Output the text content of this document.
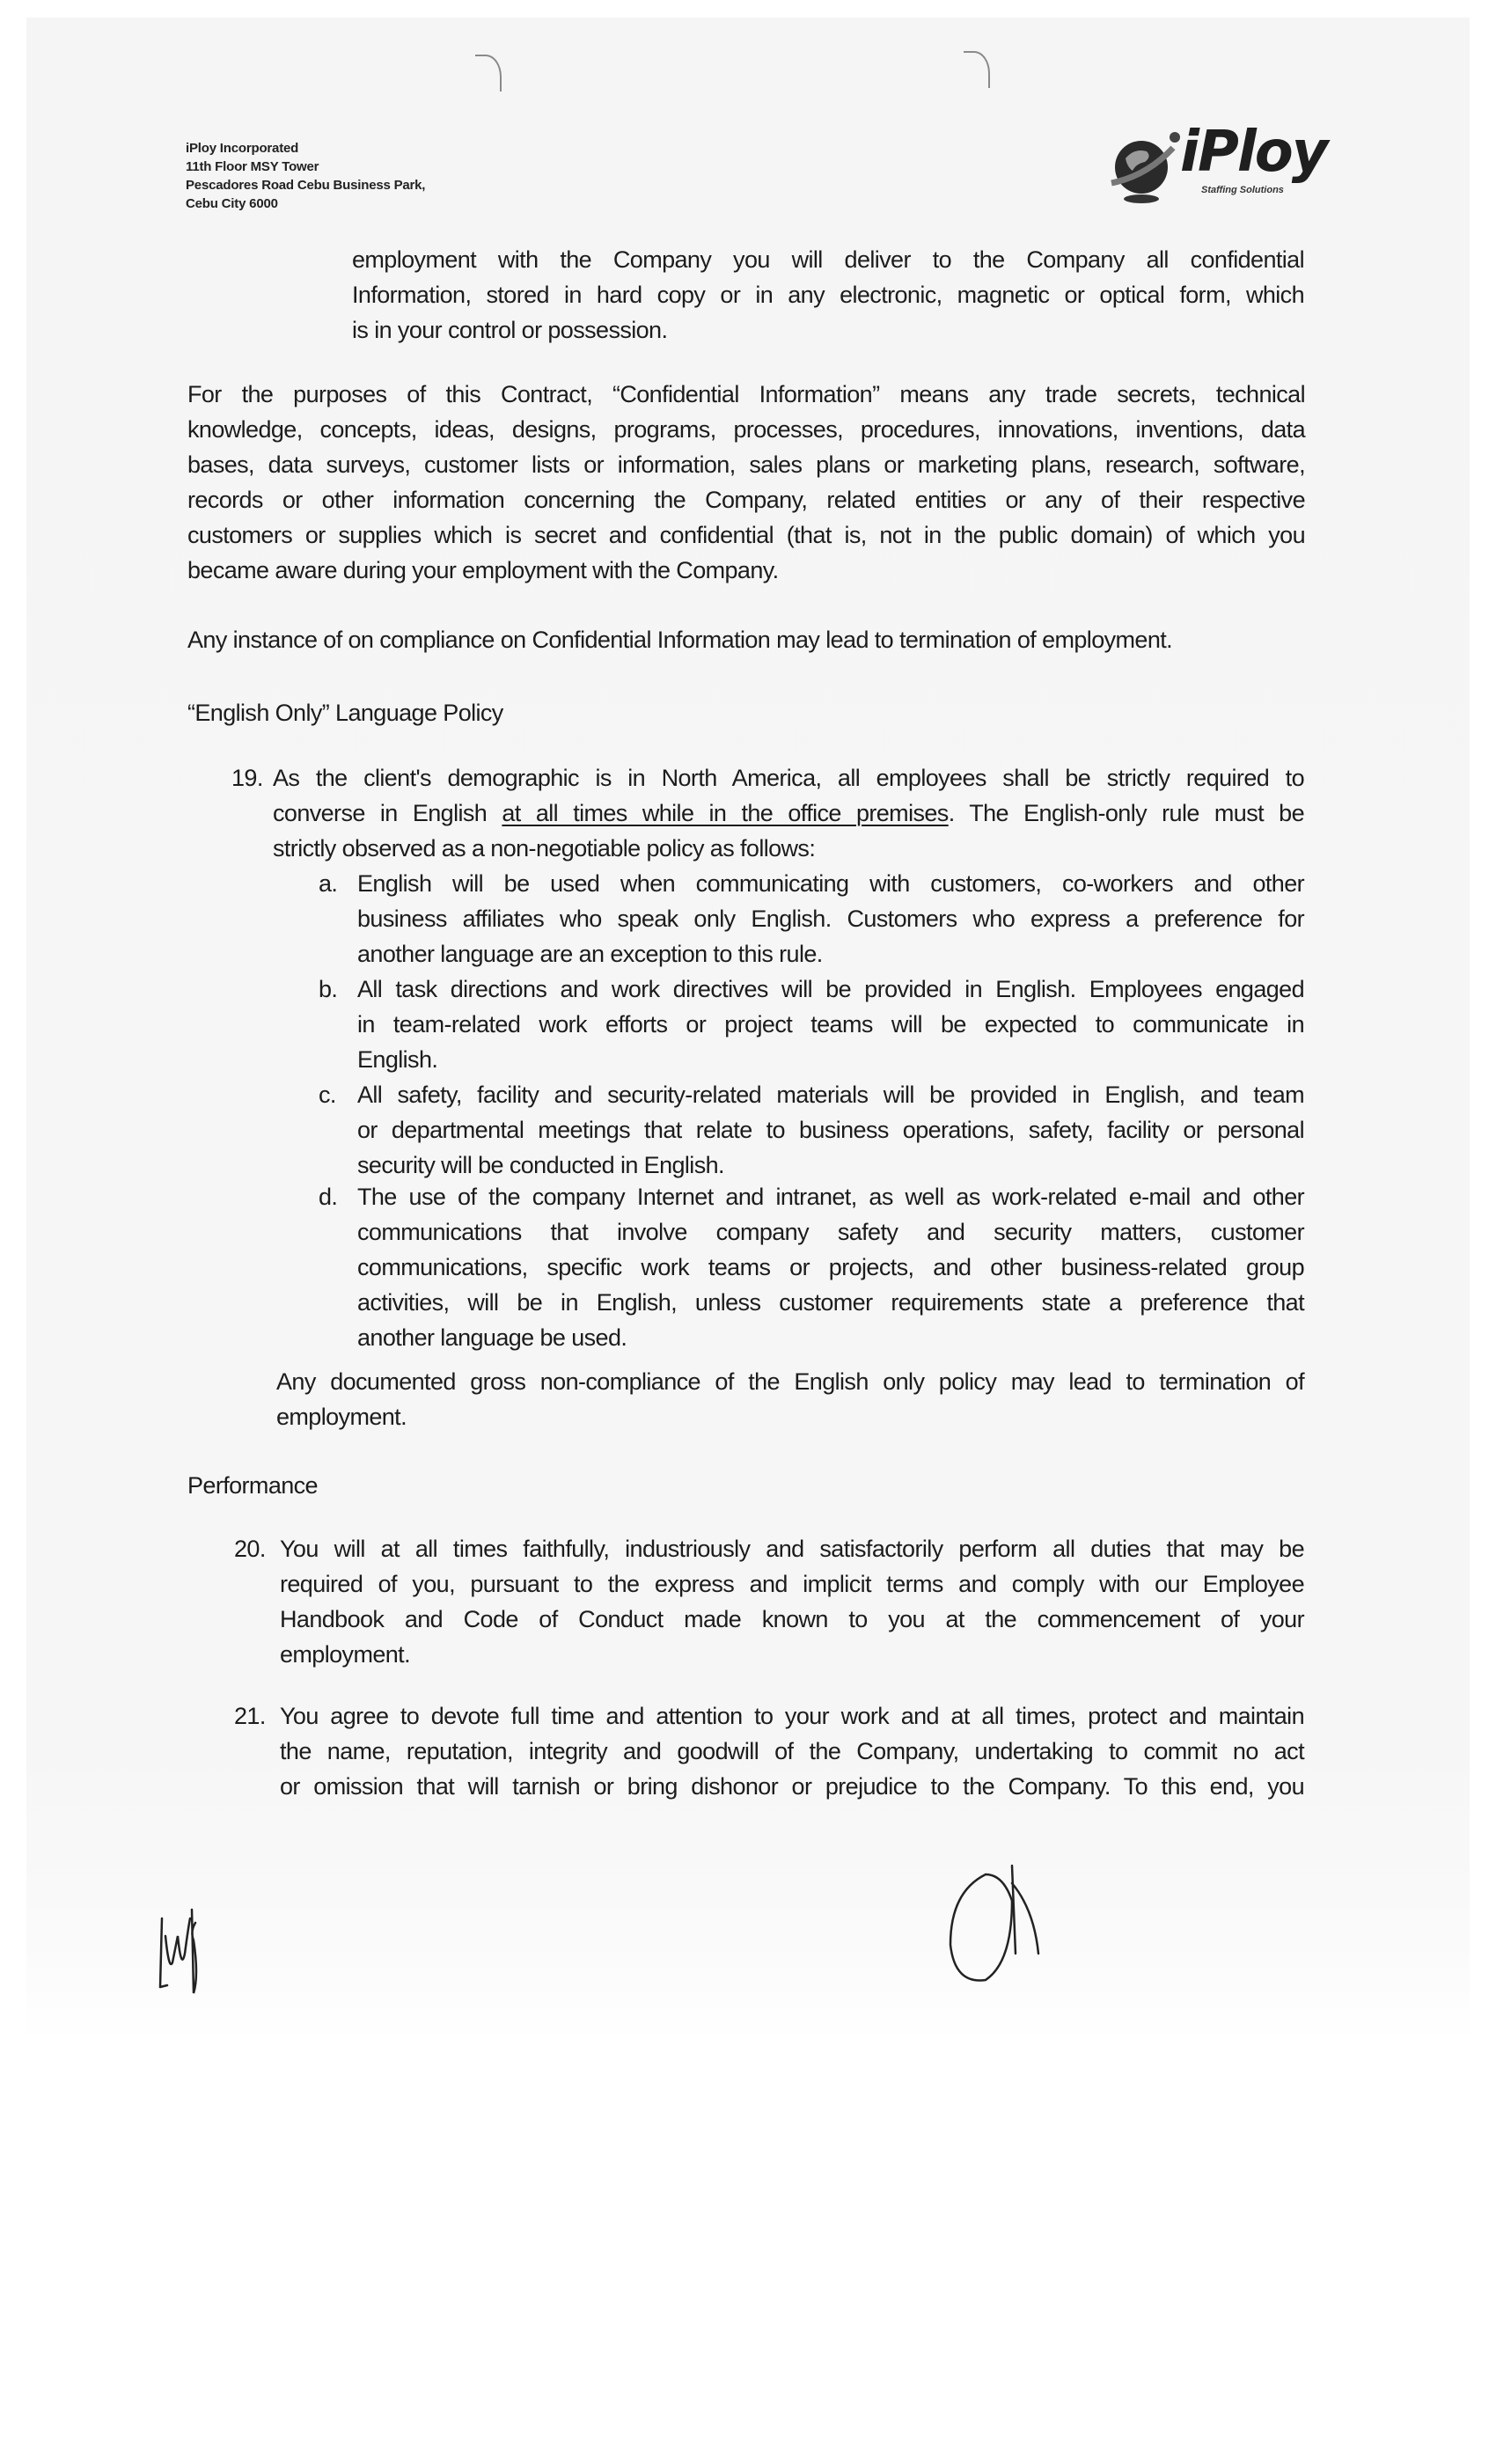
iPloy Incorporated
11th Floor MSY Tower
Pescadores Road Cebu Business Park,
Cebu City 6000
iPloy
Staffing Solutions
employment with the Company you will deliver to the Company all confidential
Information, stored in hard copy or in any electronic, magnetic or optical form, which
is in your control or possession.
For the purposes of this Contract, “Confidential Information” means any trade secrets, technical
knowledge, concepts, ideas, designs, programs, processes, procedures, innovations, inventions, data
bases, data surveys, customer lists or information, sales plans or marketing plans, research, software,
records or other information concerning the Company, related entities or any of their respective
customers or supplies which is secret and confidential (that is, not in the public domain) of which you
became aware during your employment with the Company.
Any instance of on compliance on Confidential Information may lead to termination of employment.
“English Only” Language Policy
19. As the client's demographic is in North America, all employees shall be strictly required to
converse in English at all times while in the office premises. The English-only rule must be
strictly observed as a non-negotiable policy as follows:
a. English will be used when communicating with customers, co-workers and other
business affiliates who speak only English. Customers who express a preference for
another language are an exception to this rule.
b. All task directions and work directives will be provided in English. Employees engaged
in team-related work efforts or project teams will be expected to communicate in
English.
c. All safety, facility and security-related materials will be provided in English, and team
or departmental meetings that relate to business operations, safety, facility or personal
security will be conducted in English.
d. The use of the company Internet and intranet, as well as work-related e-mail and other
communications that involve company safety and security matters, customer
communications, specific work teams or projects, and other business-related group
activities, will be in English, unless customer requirements state a preference that
another language be used.
Any documented gross non-compliance of the English only policy may lead to termination of
employment.
Performance
20. You will at all times faithfully, industriously and satisfactorily perform all duties that may be
required of you, pursuant to the express and implicit terms and comply with our Employee
Handbook and Code of Conduct made known to you at the commencement of your
employment.
21. You agree to devote full time and attention to your work and at all times, protect and maintain
the name, reputation, integrity and goodwill of the Company, undertaking to commit no act
or omission that will tarnish or bring dishonor or prejudice to the Company. To this end, you
